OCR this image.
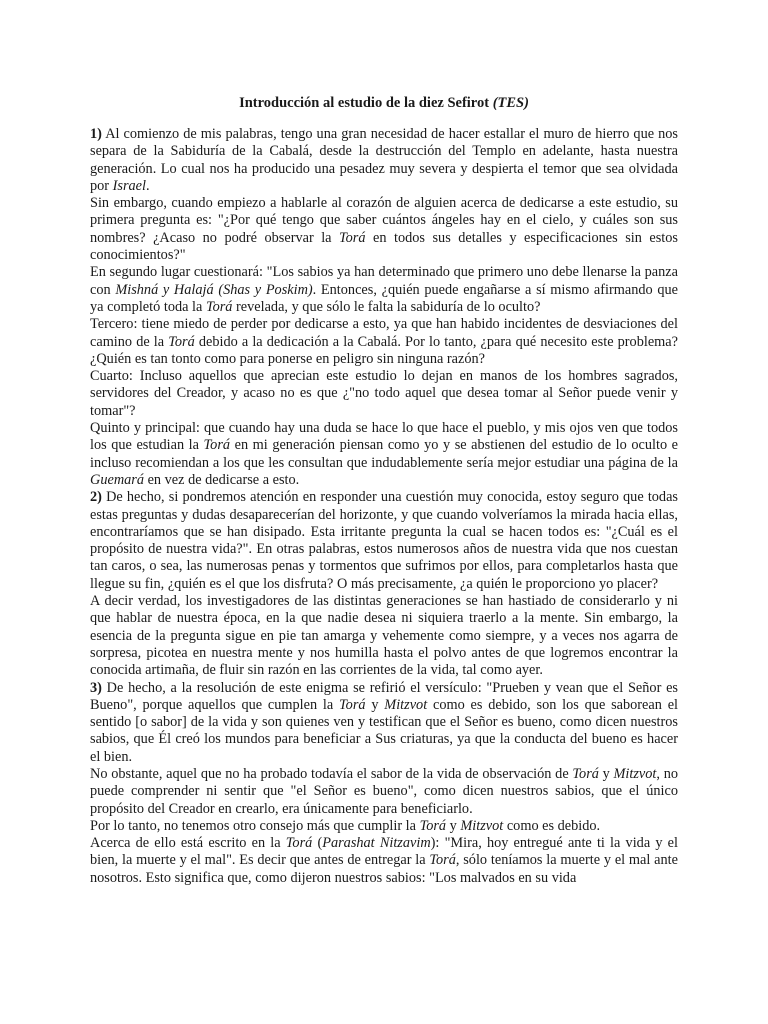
Introducción al estudio de la diez Sefirot (TES)

1) Al comienzo de mis palabras, tengo una gran necesidad de hacer estallar el muro de hierro que nos separa de la Sabiduría de la Cabalá, desde la destrucción del Templo en adelante, hasta nuestra generación. Lo cual nos ha producido una pesadez muy severa y despierta el temor que sea olvidada por Israel.

Sin embargo, cuando empiezo a hablarle al corazón de alguien acerca de dedicarse a este estudio, su primera pregunta es: "¿Por qué tengo que saber cuántos ángeles hay en el cielo, y cuáles son sus nombres? ¿Acaso no podré observar la Torá en todos sus detalles y especificaciones sin estos conocimientos?"

En segundo lugar cuestionará: "Los sabios ya han determinado que primero uno debe llenarse la panza con Mishná y Halajá (Shas y Poskim). Entonces, ¿quién puede engañarse a sí mismo afirmando que ya completó toda la Torá revelada, y que sólo le falta la sabiduría de lo oculto?

Tercero: tiene miedo de perder por dedicarse a esto, ya que han habido incidentes de desviaciones del camino de la Torá debido a la dedicación a la Cabalá. Por lo tanto, ¿para qué necesito este problema? ¿Quién es tan tonto como para ponerse en peligro sin ninguna razón?

Cuarto: Incluso aquellos que aprecian este estudio lo dejan en manos de los hombres sagrados, servidores del Creador, y acaso no es que ¿"no todo aquel que desea tomar al Señor puede venir y tomar"?

Quinto y principal: que cuando hay una duda se hace lo que hace el pueblo, y mis ojos ven que todos los que estudian la Torá en mi generación piensan como yo y se abstienen del estudio de lo oculto e incluso recomiendan a los que les consultan que indudablemente sería mejor estudiar una página de la Guemará en vez de dedicarse a esto.

2) De hecho, si pondremos atención en responder una cuestión muy conocida, estoy seguro que todas estas preguntas y dudas desaparecerían del horizonte, y que cuando volveríamos la mirada hacia ellas, encontraríamos que se han disipado. Esta irritante pregunta la cual se hacen todos es: "¿Cuál es el propósito de nuestra vida?". En otras palabras, estos numerosos años de nuestra vida que nos cuestan tan caros, o sea, las numerosas penas y tormentos que sufrimos por ellos, para completarlos hasta que llegue su fin, ¿quién es el que los disfruta? O más precisamente, ¿a quién le proporciono yo placer?

A decir verdad, los investigadores de las distintas generaciones se han hastiado de considerarlo y ni que hablar de nuestra época, en la que nadie desea ni siquiera traerlo a la mente. Sin embargo, la esencia de la pregunta sigue en pie tan amarga y vehemente como siempre, y a veces nos agarra de sorpresa, picotea en nuestra mente y nos humilla hasta el polvo antes de que logremos encontrar la conocida artimaña, de fluir sin razón en las corrientes de la vida, tal como ayer.

3) De hecho, a la resolución de este enigma se refirió el versículo: "Prueben y vean que el Señor es Bueno", porque aquellos que cumplen la Torá y Mitzvot como es debido, son los que saborean el sentido [o sabor] de la vida y son quienes ven y testifican que el Señor es bueno, como dicen nuestros sabios, que Él creó los mundos para beneficiar a Sus criaturas, ya que la conducta del bueno es hacer el bien.

No obstante, aquel que no ha probado todavía el sabor de la vida de observación de Torá y Mitzvot, no puede comprender ni sentir que "el Señor es bueno", como dicen nuestros sabios, que el único propósito del Creador en crearlo, era únicamente para beneficiarlo.

Por lo tanto, no tenemos otro consejo más que cumplir la Torá y Mitzvot como es debido.

Acerca de ello está escrito en la Torá (Parashat Nitzavim): "Mira, hoy entregué ante ti la vida y el bien, la muerte y el mal". Es decir que antes de entregar la Torá, sólo teníamos la muerte y el mal ante nosotros. Esto significa que, como dijeron nuestros sabios: "Los malvados en su vida
